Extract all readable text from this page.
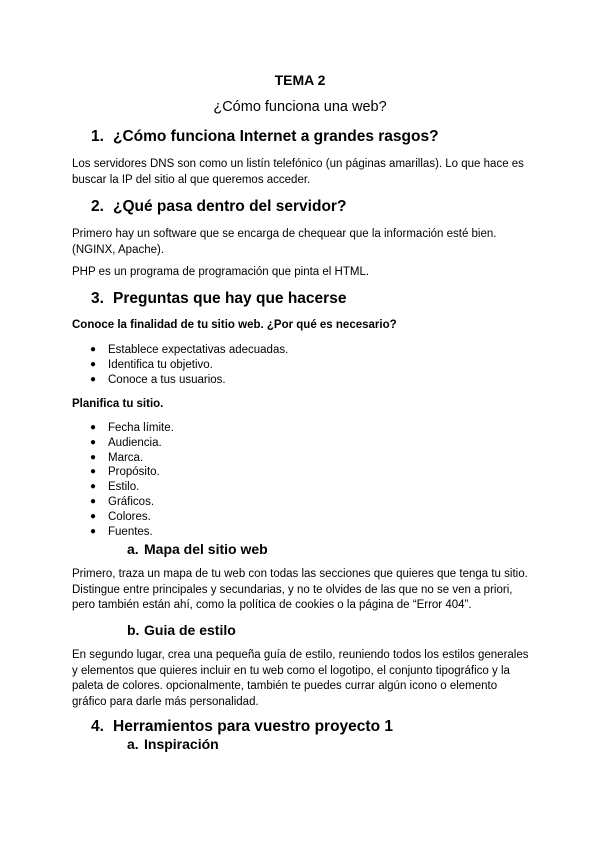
TEMA 2
¿Cómo funciona una web?
1. ¿Cómo funciona Internet a grandes rasgos?
Los servidores DNS son como un listín telefónico (un páginas amarillas). Lo que hace es buscar la IP del sitio al que queremos acceder.
2. ¿Qué pasa dentro del servidor?
Primero hay un software que se encarga de chequear que la información esté bien. (NGINX, Apache).
PHP es un programa de programación que pinta el HTML.
3. Preguntas que hay que hacerse
Conoce la finalidad de tu sitio web. ¿Por qué es necesario?
● Establece expectativas adecuadas.
● Identifica tu objetivo.
● Conoce a tus usuarios.
Planifica tu sitio.
● Fecha límite.
● Audiencia.
● Marca.
● Propósito.
● Estilo.
● Gráficos.
● Colores.
● Fuentes.
a. Mapa del sitio web
Primero, traza un mapa de tu web con todas las secciones que quieres que tenga tu sitio. Distingue entre principales y secundarias, y no te olvides de las que no se ven a priori, pero también están ahí, como la política de cookies o la página de “Error 404”.
b. Guia de estilo
En segundo lugar, crea una pequeña guía de estilo, reuniendo todos los estilos generales y elementos que quieres incluir en tu web como el logotipo, el conjunto tipográfico y la paleta de colores. opcionalmente, también te puedes currar algún icono o elemento gráfico para darle más personalidad.
4. Herramientos para vuestro proyecto 1
a. Inspiración
